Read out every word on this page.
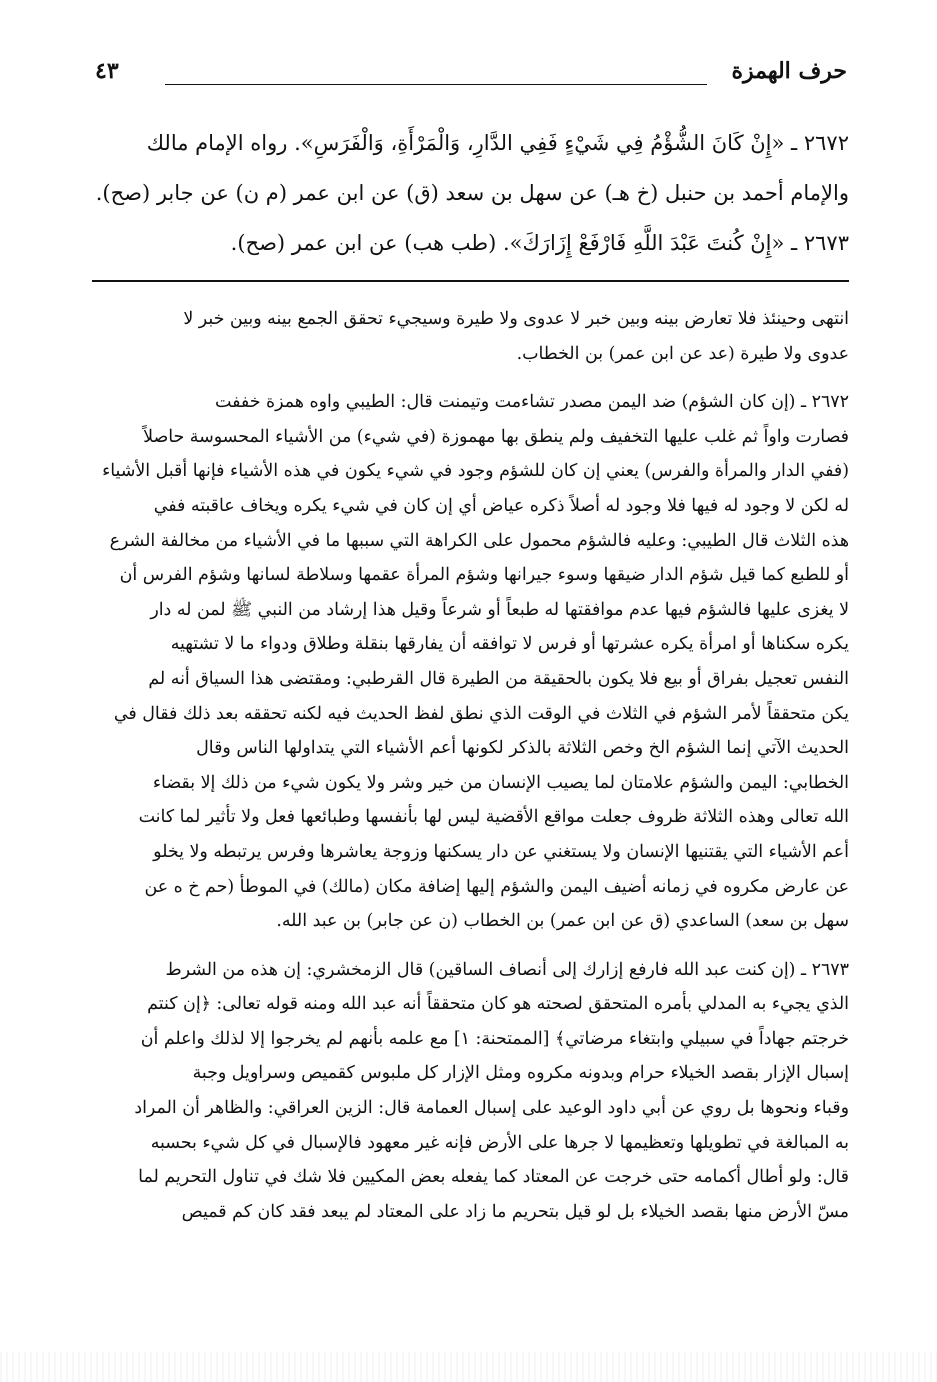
حرف الهمزة
٤٣
٢٦٧٢ ـ «إِنْ كَانَ الشُّؤْمُ فِي شَيْءٍ فَفِي الدَّارِ، وَالْمَرْأَةِ، وَالْفَرَسِ». رواه الإمام مالك
والإمام أحمد بن حنبل (خ هـ) عن سهل بن سعد (ق) عن ابن عمر (م ن) عن جابر (صح).
٢٦٧٣ ـ «إِنْ كُنتَ عَبْدَ اللَّهِ فَارْفَعْ إِزَارَكَ». (طب هب) عن ابن عمر (صح).
انتهى وحينئذ فلا تعارض بينه وبين خبر لا عدوى ولا طيرة وسيجيء تحقق الجمع بينه وبين خبر لا
عدوى ولا طيرة (عد عن ابن عمر) بن الخطاب.
٢٦٧٢ ـ (إن كان الشؤم) ضد اليمن مصدر تشاءمت وتيمنت قال: الطيبي واوه همزة خففت
فصارت واواً ثم غلب عليها التخفيف ولم ينطق بها مهموزة (في شيء) من الأشياء المحسوسة حاصلاً
(ففي الدار والمرأة والفرس) يعني إن كان للشؤم وجود في شيء يكون في هذه الأشياء فإنها أقبل الأشياء
له لكن لا وجود له فيها فلا وجود له أصلاً ذكره عياض أي إن كان في شيء يكره ويخاف عاقبته ففي
هذه الثلاث قال الطيبي: وعليه فالشؤم محمول على الكراهة التي سببها ما في الأشياء من مخالفة الشرع
أو للطبع كما قيل شؤم الدار ضيقها وسوء جيرانها وشؤم المرأة عقمها وسلاطة لسانها وشؤم الفرس أن
لا يغزى عليها فالشؤم فيها عدم موافقتها له طبعاً أو شرعاً وقيل هذا إرشاد من النبي ﷺ لمن له دار
يكره سكناها أو امرأة يكره عشرتها أو فرس لا توافقه أن يفارقها بنقلة وطلاق ودواء ما لا تشتهيه
النفس تعجيل بفراق أو بيع فلا يكون بالحقيقة من الطيرة قال القرطبي: ومقتضى هذا السياق أنه لم
يكن متحققاً لأمر الشؤم في الثلاث في الوقت الذي نطق لفظ الحديث فيه لكنه تحققه بعد ذلك فقال في
الحديث الآتي إنما الشؤم الخ وخص الثلاثة بالذكر لكونها أعم الأشياء التي يتداولها الناس وقال
الخطابي: اليمن والشؤم علامتان لما يصيب الإنسان من خير وشر ولا يكون شيء من ذلك إلا بقضاء
الله تعالى وهذه الثلاثة ظروف جعلت مواقع الأقضية ليس لها بأنفسها وطبائعها فعل ولا تأثير لما كانت
أعم الأشياء التي يقتنيها الإنسان ولا يستغني عن دار يسكنها وزوجة يعاشرها وفرس يرتبطه ولا يخلو
عن عارض مكروه في زمانه أضيف اليمن والشؤم إليها إضافة مكان (مالك) في الموطأ (حم خ ه عن
سهل بن سعد) الساعدي (ق عن ابن عمر) بن الخطاب (ن عن جابر) بن عبد الله.
٢٦٧٣ ـ (إن كنت عبد الله فارفع إزارك إلى أنصاف الساقين) قال الزمخشري: إن هذه من الشرط
الذي يجيء به المدلي بأمره المتحقق لصحته هو كان متحققاً أنه عبد الله ومنه قوله تعالى: ﴿إن كنتم
خرجتم جهاداً في سبيلي وابتغاء مرضاتي﴾ [الممتحنة: ١] مع علمه بأنهم لم يخرجوا إلا لذلك واعلم أن
إسبال الإزار بقصد الخيلاء حرام وبدونه مكروه ومثل الإزار كل ملبوس كقميص وسراويل وجبة
وقباء ونحوها بل روي عن أبي داود الوعيد على إسبال العمامة قال: الزين العراقي: والظاهر أن المراد
به المبالغة في تطويلها وتعظيمها لا جرها على الأرض فإنه غير معهود فالإسبال في كل شيء بحسبه
قال: ولو أطال أكمامه حتى خرجت عن المعتاد كما يفعله بعض المكيين فلا شك في تناول التحريم لما
مسّ الأرض منها بقصد الخيلاء بل لو قيل بتحريم ما زاد على المعتاد لم يبعد فقد كان كم قميص
